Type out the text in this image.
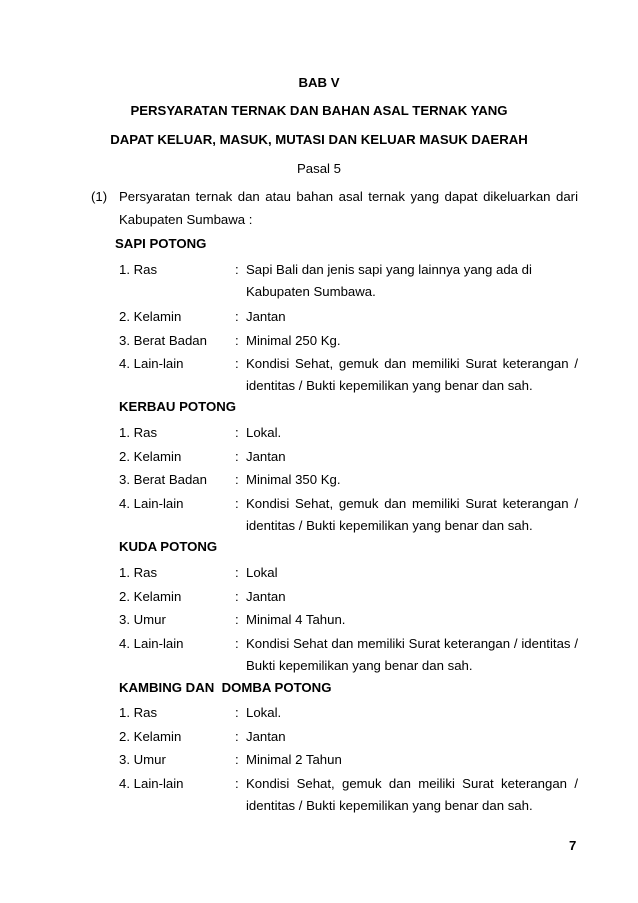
BAB V
PERSYARATAN TERNAK DAN BAHAN ASAL TERNAK YANG
DAPAT KELUAR, MASUK, MUTASI DAN KELUAR MASUK DAERAH
Pasal 5
(1) Persyaratan ternak dan atau bahan asal ternak yang dapat dikeluarkan dari
Kabupaten Sumbawa :
SAPI POTONG
1. Ras	: Sapi Bali dan jenis sapi yang lainnya yang ada di
Kabupaten Sumbawa.
2. Kelamin	: Jantan
3. Berat Badan : Minimal 250 Kg.
4. Lain-lain	: Kondisi Sehat, gemuk dan memiliki Surat keterangan /
identitas / Bukti kepemilikan yang benar dan sah.
KERBAU POTONG
1. Ras	: Lokal.
2. Kelamin	: Jantan
3. Berat Badan : Minimal 350 Kg.
4. Lain-lain	: Kondisi Sehat, gemuk dan memiliki Surat keterangan /
identitas / Bukti kepemilikan yang benar dan sah.
KUDA POTONG
1. Ras	: Lokal
2. Kelamin	: Jantan
3. Umur	: Minimal 4 Tahun.
4. Lain-lain	: Kondisi Sehat dan memiliki Surat keterangan / identitas /
Bukti kepemilikan yang benar dan sah.
KAMBING DAN  DOMBA POTONG
1. Ras	: Lokal.
2. Kelamin	: Jantan
3. Umur	: Minimal 2 Tahun
4. Lain-lain	: Kondisi Sehat, gemuk dan meiliki Surat keterangan /
identitas / Bukti kepemilikan yang benar dan sah.
7
